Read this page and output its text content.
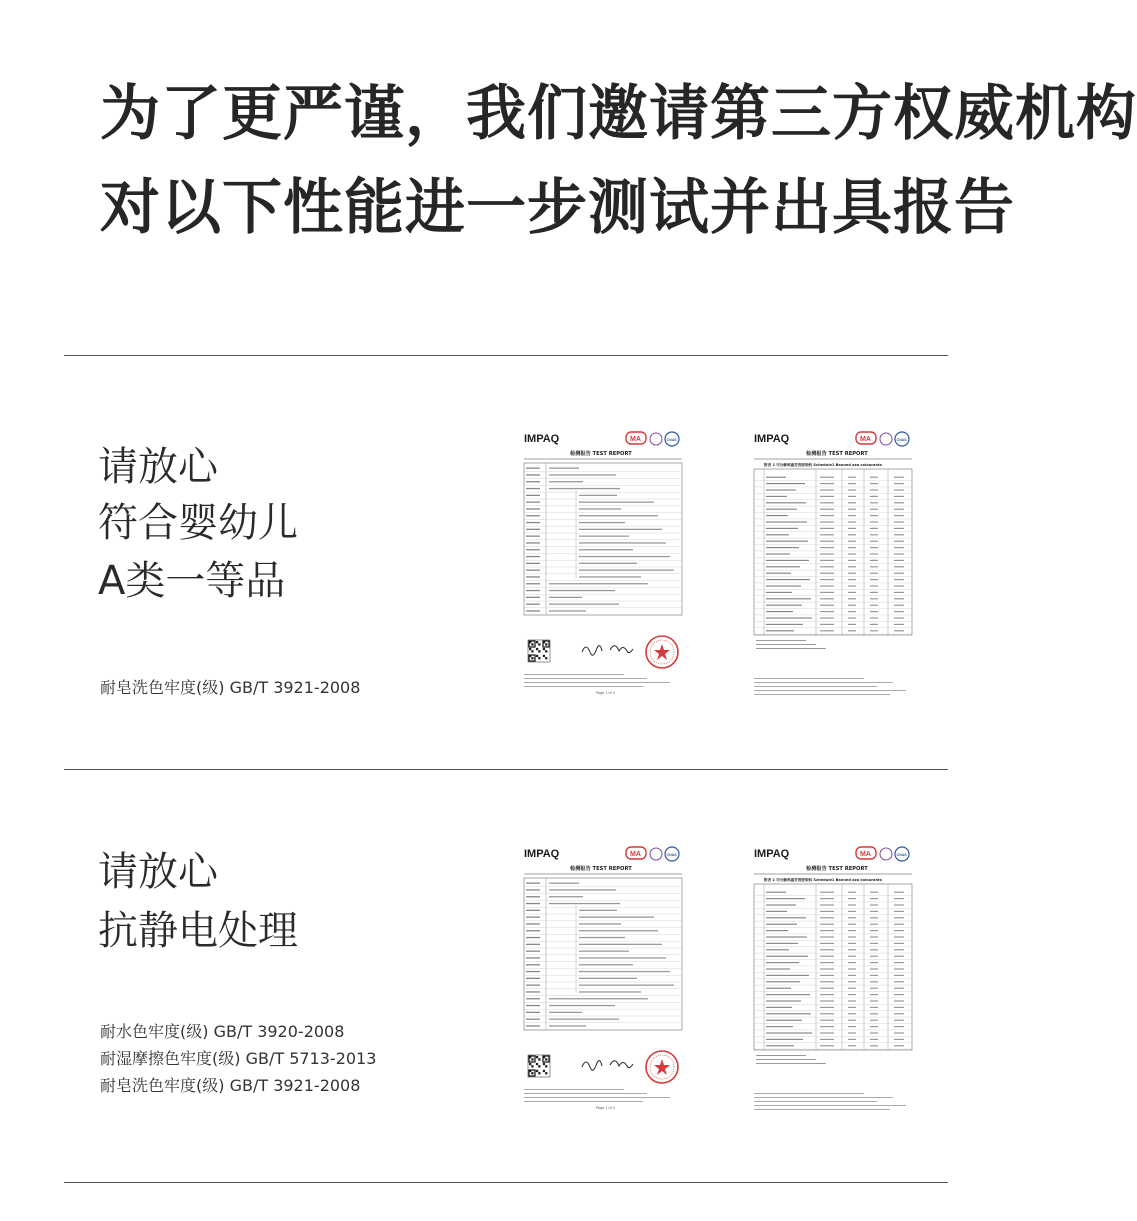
为了更严谨，我们邀请第三方权威机构
对以下性能进一步测试并出具报告
请放心
符合婴幼儿
A类一等品
耐皂洗色牢度(级) GB/T 3921-2008
IMPAQ	MA	CNAS
检测报告 TEST REPORT
Page 1 of 3
IMPAQ	MA	CNAS
检测报告 TEST REPORT
附表 1 可分解致癌芳香胺染料 Schedule1 Banned azo colourants
请放心
抗静电处理
耐水色牢度(级) GB/T 3920-2008
耐湿摩擦色牢度(级) GB/T 5713-2013
耐皂洗色牢度(级) GB/T 3921-2008
IMPAQ	MA	CNAS
检测报告 TEST REPORT
Page 1 of 3
IMPAQ	MA	CNAS
检测报告 TEST REPORT
附表 1 可分解致癌芳香胺染料 Schedule1 Banned azo colourants
